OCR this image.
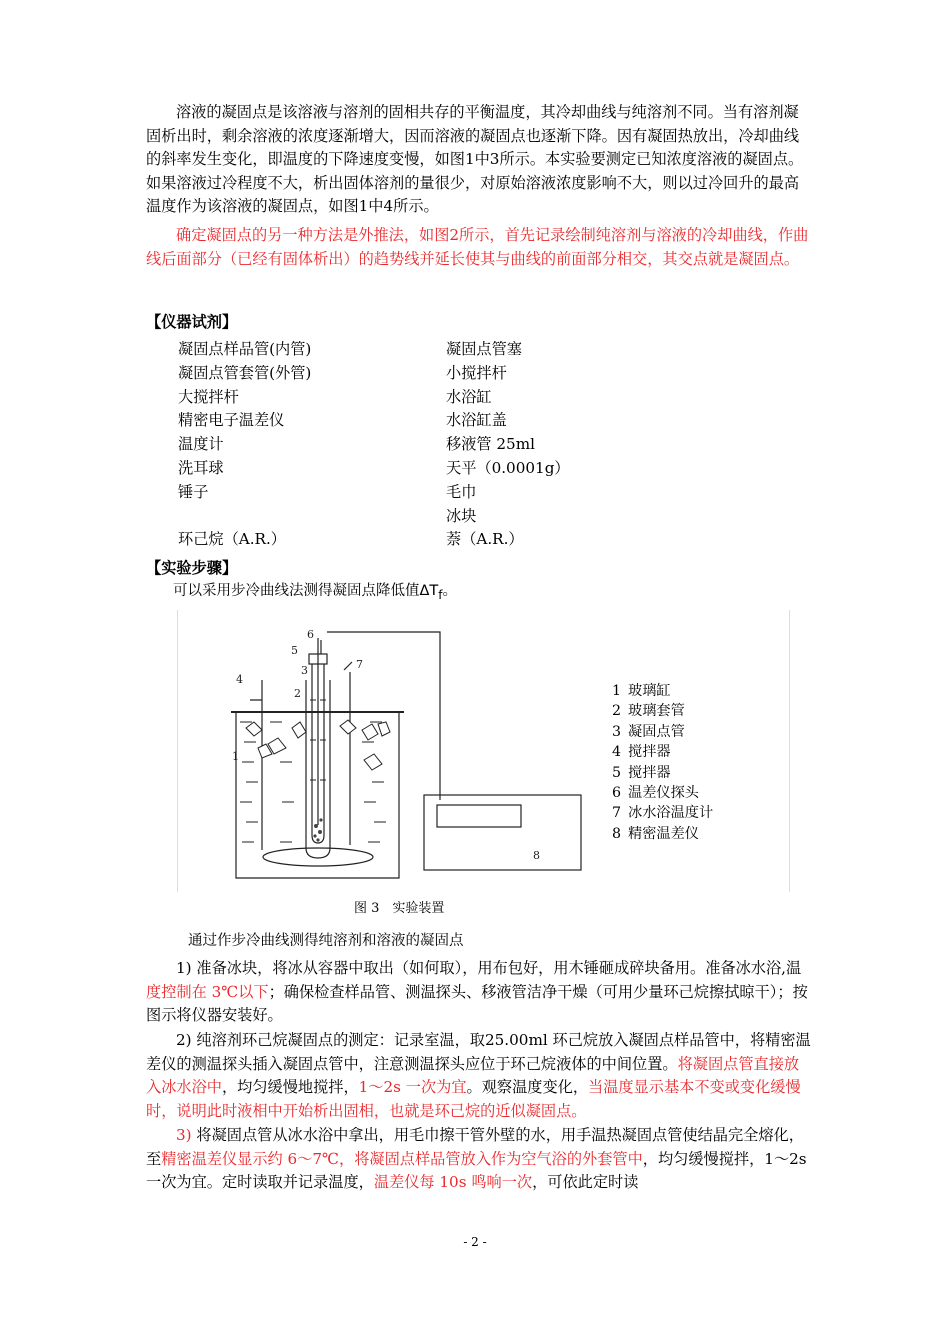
溶液的凝固点是该溶液与溶剂的固相共存的平衡温度，其冷却曲线与纯溶剂不同。当有溶剂凝固析出时，剩余溶液的浓度逐渐增大，因而溶液的凝固点也逐渐下降。因有凝固热放出，冷却曲线的斜率发生变化，即温度的下降速度变慢，如图1中3所示。本实验要测定已知浓度溶液的凝固点。如果溶液过冷程度不大，析出固体溶剂的量很少，对原始溶液浓度影响不大，则以过冷回升的最高温度作为该溶液的凝固点，如图1中4所示。

确定凝固点的另一种方法是外推法，如图2所示，首先记录绘制纯溶剂与溶液的冷却曲线，作曲线后面部分（已经有固体析出）的趋势线并延长使其与曲线的前面部分相交，其交点就是凝固点。

【仪器试剂】

凝固点样品管(内管)
凝固点管套管(外管)
大搅拌杆
精密电子温差仪
温度计
洗耳球
锤子
环己烷（A.R.）
凝固点管塞
小搅拌杆
水浴缸
水浴缸盖
移液管 25ml
天平（0.0001g）
毛巾
冰块
萘（A.R.）

【实验步骤】

可以采用步冷曲线法测得凝固点降低值$\Delta T_f$。

1
2
3
4
5
6
7
8
1 玻璃缸
2 玻璃套管
3 凝固点管
4 搅拌器
5 搅拌器
6 温差仪探头
7 冰水浴温度计
8 精密温差仪

图 3　实验装置

通过作步冷曲线测得纯溶剂和溶液的凝固点

1) 准备冰块，将冰从容器中取出（如何取），用布包好，用木锤砸成碎块备用。准备冰水浴,温度控制在 3℃以下；确保检查样品管、测温探头、移液管洁净干燥（可用少量环己烷擦拭晾干）；按图示将仪器安装好。

2) 纯溶剂环己烷凝固点的测定：记录室温，取25.00ml 环己烷放入凝固点样品管中，将精密温差仪的测温探头插入凝固点管中，注意测温探头应位于环己烷液体的中间位置。将凝固点管直接放入冰水浴中，均匀缓慢地搅拌，1～2s 一次为宜。观察温度变化，当温度显示基本不变或变化缓慢时，说明此时液相中开始析出固相，也就是环己烷的近似凝固点。

3) 将凝固点管从冰水浴中拿出，用毛巾擦干管外壁的水，用手温热凝固点管使结晶完全熔化，至精密温差仪显示约 6～7℃，将凝固点样品管放入作为空气浴的外套管中，均匀缓慢搅拌，1～2s 一次为宜。定时读取并记录温度，温差仪每 10s 鸣响一次，可依此定时读

- 2 -
